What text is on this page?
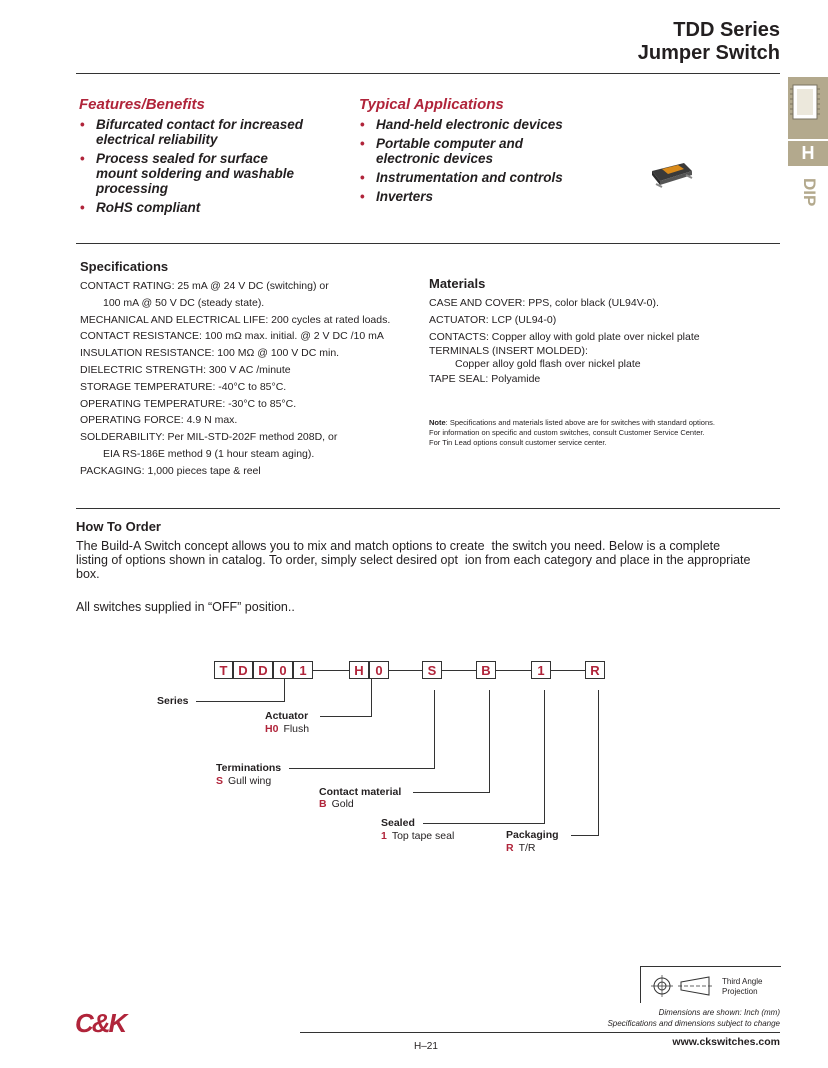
TDD Series
Jumper Switch
H
DIP
Features/Benefits
• Bifurcated contact for increased
electrical reliability
• Process sealed for surface
mount soldering and washable
processing
• RoHS compliant
Typical Applications
• Hand-held electronic devices
• Portable computer and
electronic devices
• Instrumentation and controls
• Inverters
Specifications
CONTACT RATING: 25 mA @ 24 V DC (switching) or
100 mA @ 50 V DC (steady state).
MECHANICAL AND ELECTRICAL LIFE: 200 cycles at rated loads.
CONTACT RESISTANCE: 100 mΩ max. initial. @ 2 V DC /10 mA
INSULATION RESISTANCE: 100 MΩ @ 100 V DC min.
DIELECTRIC STRENGTH: 300 V AC /minute
STORAGE TEMPERATURE: -40°C to 85°C.
OPERATING TEMPERATURE: -30°C to 85°C.
OPERATING FORCE: 4.9 N max.
SOLDERABILITY: Per MIL-STD-202F method 208D, or
EIA RS-186E method 9 (1 hour steam aging).
PACKAGING: 1,000 pieces tape & reel
Materials
CASE AND COVER: PPS, color black (UL94V-0).
ACTUATOR: LCP (UL94-0)
CONTACTS: Copper alloy with gold plate over nickel plate
TERMINALS (INSERT MOLDED):
Copper alloy gold flash over nickel plate
TAPE SEAL: Polyamide
Note: Specifications and materials listed above are for switches with standard options.
For information on specific and custom switches, consult Customer Service Center.
For Tin Lead options consult customer service center.
How To Order
The Build-A Switch concept allows you to mix and match options to create the switch you need. Below is a complete
listing of options shown in catalog. To order, simply select desired opt ion from each category and place in the appropriate
box.
All switches supplied in “OFF” position..
T D D 0 1	H 0	S	B	1	R
Series
Actuator
H0 Flush
Terminations
S Gull wing
Contact material
B Gold
Sealed
1 Top tape seal	Packaging
R T/R
Third Angle
Projection
C&K	Dimensions are shown: Inch (mm)
Specifications and dimensions subject to change
H–21	www.ckswitches.com
